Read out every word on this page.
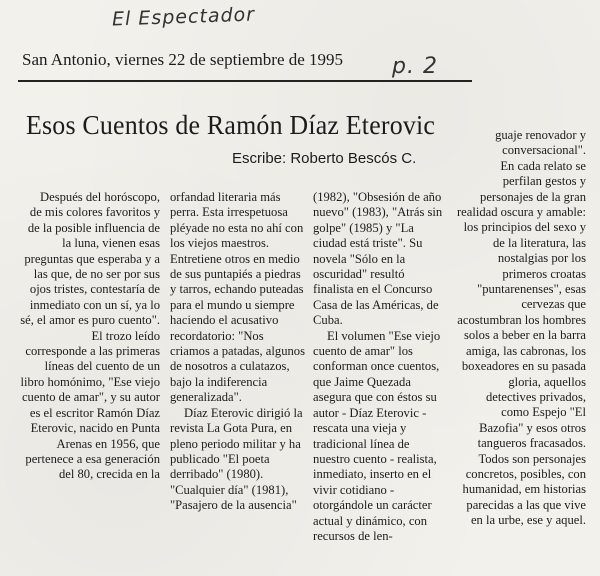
El Espectador
p. 2
San Antonio, viernes 22 de septiembre de 1995
Esos Cuentos de Ramón Díaz Eterovic
Escribe: Roberto Bescós C.

Después del horóscopo, de mis colores favoritos y de la posible influencia de la luna, vienen esas preguntas que esperaba y a las que, de no ser por sus ojos tristes, contestaría de inmediato con un sí, ya lo sé, el amor es puro cuento".

El trozo leído corresponde a las primeras líneas del cuento de un libro homónimo, "Ese viejo cuento de amar", y su autor es el escritor Ramón Díaz Eterovic, nacido en Punta Arenas en 1956, que pertenece a esa generación del 80, crecida en la

orfandad literaria más perra. Esta irrespetuosa pléyade no esta no ahí con los viejos maestros. Entretiene otros en medio de sus puntapiés a piedras y tarros, echando puteadas para el mundo u siempre haciendo el acusativo recordatorio: "Nos criamos a patadas, algunos de nosotros a culatazos, bajo la indiferencia generalizada".

Díaz Eterovic dirigió la revista La Gota Pura, en pleno periodo militar y ha publicado "El poeta derribado" (1980). "Cualquier día" (1981), "Pasajero de la ausencia"

(1982), "Obsesión de año nuevo" (1983), "Atrás sin golpe" (1985) y "La ciudad está triste". Su novela "Sólo en la oscuridad" resultó finalista en el Concurso Casa de las Américas, de Cuba.

El volumen "Ese viejo cuento de amar" los conforman once cuentos, que Jaime Quezada asegura que con éstos su autor - Díaz Eterovic - rescata una vieja y tradicional línea de nuestro cuento - realista, inmediato, inserto en el vivir cotidiano - otorgándole un carácter actual y dinámico, con recursos de len-

guaje renovador y conversacional".

En cada relato se perfilan gestos y personajes de la gran realidad oscura y amable: los principios del sexo y de la literatura, las nostalgias por los primeros croatas "puntarenenses", esas cervezas que acostumbran los hombres solos a beber en la barra amiga, las cabronas, los boxeadores en su pasada gloria, aquellos detectives privados, como Espejo "El Bazofia" y esos otros tangueros fracasados. Todos son personajes concretos, posibles, con humanidad, em historias parecidas a las que vive en la urbe, ese y aquel.
